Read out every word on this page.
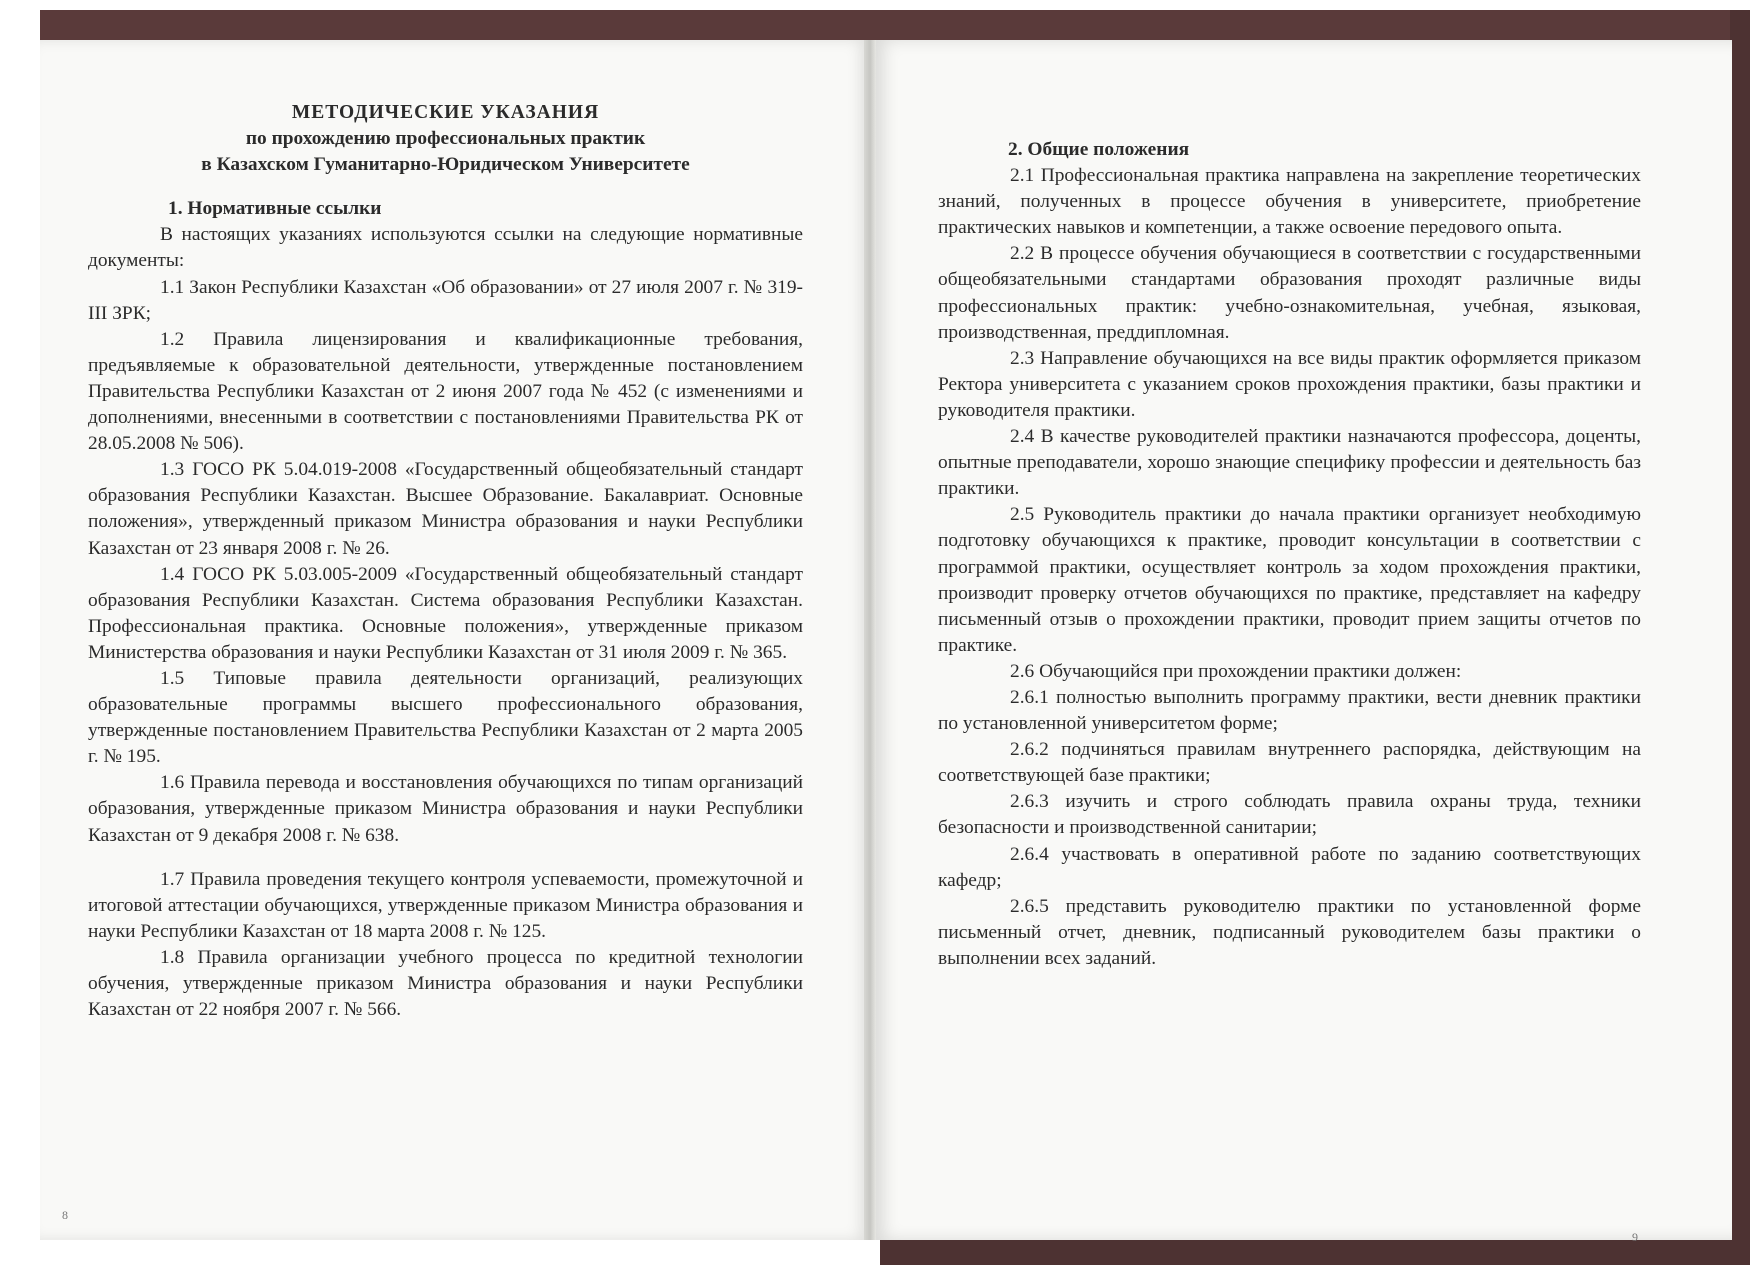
МЕТОДИЧЕСКИЕ УКАЗАНИЯ
по прохождению профессиональных практик
в Казахском Гуманитарно-Юридическом Университете
1. Нормативные ссылки

В настоящих указаниях используются ссылки на следующие нормативные документы:

1.1 Закон Республики Казахстан «Об образовании» от 27 июля 2007 г. № 319-III ЗРК;

1.2 Правила лицензирования и квалификационные требования, предъявляемые к образовательной деятельности, утвержденные постановлением Правительства Республики Казахстан от 2 июня 2007 года № 452 (с изменениями и дополнениями, внесенными в соответствии с постановлениями Правительства РК от 28.05.2008 № 506).

1.3 ГОСО РК 5.04.019-2008 «Государственный общеобязательный стандарт образования Республики Казахстан. Высшее Образование. Бакалавриат. Основные положения», утвержденный приказом Министра образования и науки Республики Казахстан от 23 января 2008 г. № 26.

1.4 ГОСО РК 5.03.005-2009 «Государственный общеобязательный стандарт образования Республики Казахстан. Система образования Республики Казахстан. Профессиональная практика. Основные положения», утвержденные приказом Министерства образования и науки Республики Казахстан от 31 июля 2009 г. № 365.

1.5 Типовые правила деятельности организаций, реализующих образовательные программы высшего профессионального образования, утвержденные постановлением Правительства Республики Казахстан от 2 марта 2005 г. № 195.

1.6 Правила перевода и восстановления обучающихся по типам организаций образования, утвержденные приказом Министра образования и науки Республики Казахстан от 9 декабря 2008 г. № 638.

1.7 Правила проведения текущего контроля успеваемости, промежуточной и итоговой аттестации обучающихся, утвержденные приказом Министра образования и науки Республики Казахстан от 18 марта 2008 г. № 125.

1.8 Правила организации учебного процесса по кредитной технологии обучения, утвержденные приказом Министра образования и науки Республики Казахстан от 22 ноября 2007 г. № 566.

2. Общие положения

2.1 Профессиональная практика направлена на закрепление теоретических знаний, полученных в процессе обучения в университете, приобретение практических навыков и компетенции, а также освоение передового опыта.

2.2 В процессе обучения обучающиеся в соответствии с государственными общеобязательными стандартами образования проходят различные виды профессиональных практик: учебно-ознакомительная, учебная, языковая, производственная, преддипломная.

2.3 Направление обучающихся на все виды практик оформляется приказом Ректора университета с указанием сроков прохождения практики, базы практики и руководителя практики.

2.4 В качестве руководителей практики назначаются профессора, доценты, опытные преподаватели, хорошо знающие специфику профессии и деятельность баз практики.

2.5 Руководитель практики до начала практики организует необходимую подготовку обучающихся к практике, проводит консультации в соответствии с программой практики, осуществляет контроль за ходом прохождения практики, производит проверку отчетов обучающихся по практике, представляет на кафедру письменный отзыв о прохождении практики, проводит прием защиты отчетов по практике.

2.6 Обучающийся при прохождении практики должен:

2.6.1 полностью выполнить программу практики, вести дневник практики по установленной университетом форме;

2.6.2 подчиняться правилам внутреннего распорядка, действующим на соответствующей базе практики;

2.6.3 изучить и строго соблюдать правила охраны труда, техники безопасности и производственной санитарии;

2.6.4 участвовать в оперативной работе по заданию соответствующих кафедр;

2.6.5 представить руководителю практики по установленной форме письменный отчет, дневник, подписанный руководителем базы практики о выполнении всех заданий.

8
9
